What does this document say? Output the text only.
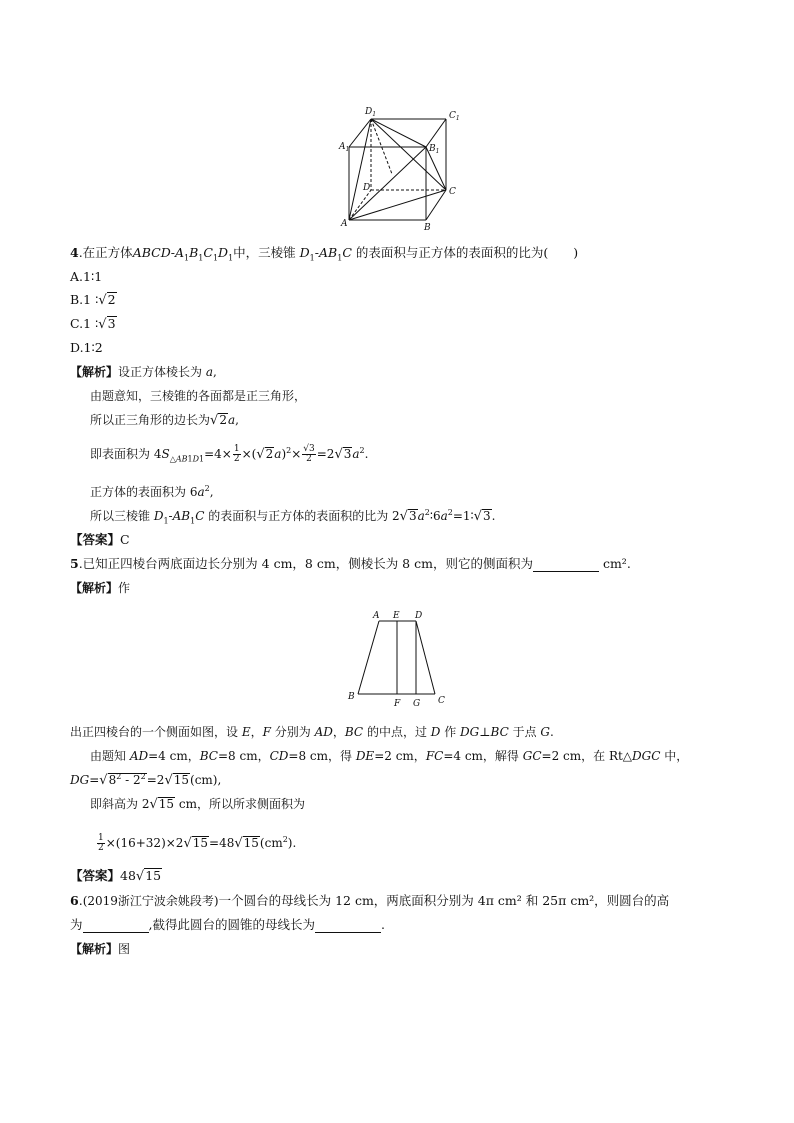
$D_1$	$C_1$
$A_1$	$B_1$
D	C
A	B
4.在正方体ABCD-$A_1B_1C_1D_1$中，三棱锥 $D_1-AB_1C$ 的表面积与正方体的表面积的比为(　　)
A.1∶1
B.1 ∶√2
C.1 ∶√3
D.1∶2
【解析】设正方体棱长为 a,
由题意知，三棱锥的各面都是正三角形，
所以正三角形的边长为√2a,
即表面积为 $4S_{\triangle AB1D1}=4\times \frac{1}{2} \times(√2a)^2\times \frac{√3}{2} =2√3a^2$.
正方体的表面积为 $6a^2$,
所以三棱锥 $D_1-AB_1C$ 的表面积与正方体的表面积的比为 $2√3a^2∶6a^2=1∶√3$.
【答案】C
5.已知正四棱台两底面边长分别为 4 cm，8 cm，侧棱长为 8 cm，则它的侧面积为	cm².
【解析】作
A E D
B
F G C
出正四棱台的一个侧面如图，设 E，F 分别为 AD，BC 的中点，过 D 作 DG⊥BC 于点 G.
由题知 AD=4 cm，BC=8 cm，CD=8 cm，得 DE=2 cm，FC=4 cm，解得 GC=2 cm，在 Rt△DGC 中，
$DG=√8^2 - 2^2=2√15(cm)$,
即斜高为 2√15 cm，所以所求侧面积为
$\frac{1}{2} \times(16+32)\times 2√15=48√15(cm^2)$.
【答案】48√15
6.(2019浙江宁波余姚段考)一个圆台的母线长为 12 cm，两底面积分别为 4π cm² 和 25π cm²，则圆台的高
为	,截得此圆台的圆锥的母线长为	.
【解析】图
